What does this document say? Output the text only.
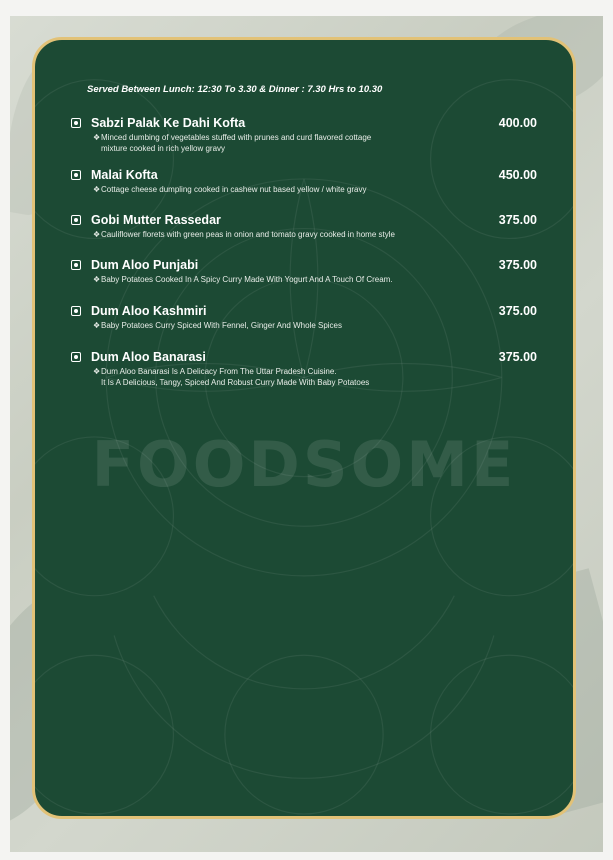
FOODSOME
Served Between Lunch: 12:30 To 3.30 & Dinner : 7.30 Hrs to 10.30
Sabzi Palak Ke Dahi Kofta	400.00
❖Minced dumbing of vegetables stuffed with prunes and curd flavored cottage
mixture cooked in rich yellow gravy
Malai Kofta	450.00
❖Cottage cheese dumpling cooked in cashew nut based yellow / white gravy
Gobi Mutter Rassedar	375.00
❖Cauliflower florets with green peas in onion and tomato gravy cooked in home style
Dum Aloo Punjabi	375.00
❖Baby Potatoes Cooked In A Spicy Curry Made With Yogurt And A Touch Of Cream.
Dum Aloo Kashmiri	375.00
❖Baby Potatoes Curry Spiced With Fennel, Ginger And Whole Spices
Dum Aloo Banarasi	375.00
❖Dum Aloo Banarasi Is A Delicacy From The Uttar Pradesh Cuisine.
It Is A Delicious, Tangy, Spiced And Robust Curry Made With Baby Potatoes
